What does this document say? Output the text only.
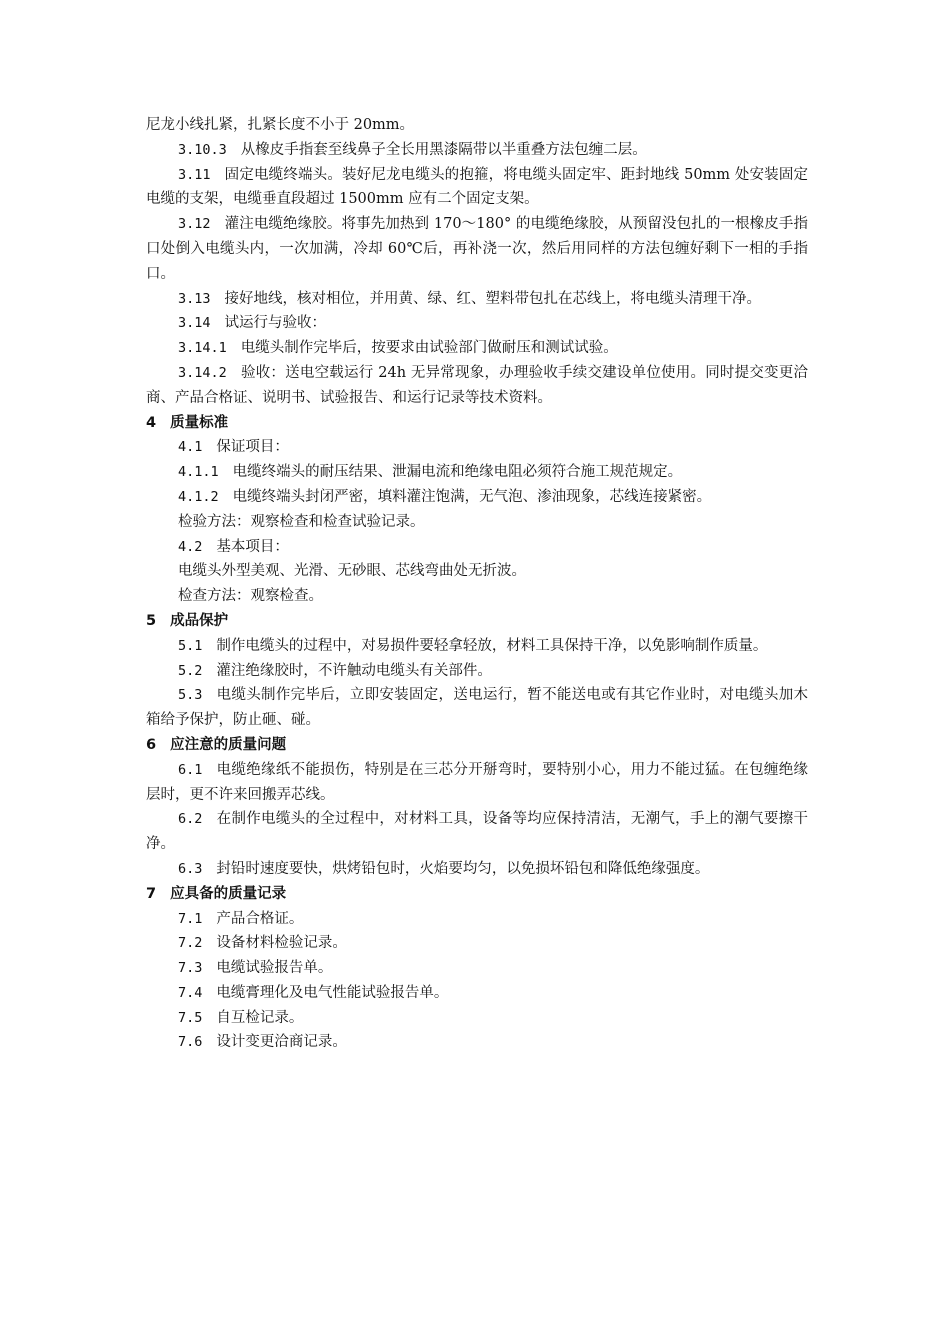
尼龙小线扎紧，扎紧长度不小于 20mm。
3.10.3 从橡皮手指套至线鼻子全长用黑漆隔带以半重叠方法包缠二层。
3.11 固定电缆终端头。装好尼龙电缆头的抱箍，将电缆头固定牢、距封地线 50mm 处安装固定电缆的支架，电缆垂直段超过 1500mm 应有二个固定支架。
3.12 灌注电缆绝缘胶。将事先加热到 170～180° 的电缆绝缘胶，从预留没包扎的一根橡皮手指口处倒入电缆头内，一次加满，冷却 60℃后，再补浇一次，然后用同样的方法包缠好剩下一相的手指口。
3.13 接好地线，核对相位，并用黄、绿、红、塑料带包扎在芯线上，将电缆头清理干净。
3.14 试运行与验收：
3.14.1 电缆头制作完毕后，按要求由试验部门做耐压和测试试验。
3.14.2 验收：送电空载运行 24h 无异常现象，办理验收手续交建设单位使用。同时提交变更洽商、产品合格证、说明书、试验报告、和运行记录等技术资料。
4 质量标准
4.1 保证项目：
4.1.1 电缆终端头的耐压结果、泄漏电流和绝缘电阻必须符合施工规范规定。
4.1.2 电缆终端头封闭严密，填料灌注饱满，无气泡、渗油现象，芯线连接紧密。
检验方法：观察检查和检查试验记录。
4.2 基本项目：
电缆头外型美观、光滑、无砂眼、芯线弯曲处无折波。
检查方法：观察检查。
5 成品保护
5.1 制作电缆头的过程中，对易损件要轻拿轻放，材料工具保持干净，以免影响制作质量。
5.2 灌注绝缘胶时，不许触动电缆头有关部件。
5.3 电缆头制作完毕后，立即安装固定，送电运行，暂不能送电或有其它作业时，对电缆头加木箱给予保护，防止砸、碰。
6 应注意的质量问题
6.1 电缆绝缘纸不能损伤，特别是在三芯分开掰弯时，要特别小心，用力不能过猛。在包缠绝缘层时，更不许来回搬弄芯线。
6.2 在制作电缆头的全过程中，对材料工具，设备等均应保持清洁，无潮气，手上的潮气要擦干净。
6.3 封铅时速度要快，烘烤铅包时，火焰要均匀，以免损坏铅包和降低绝缘强度。
7 应具备的质量记录
7.1 产品合格证。
7.2 设备材料检验记录。
7.3 电缆试验报告单。
7.4 电缆膏理化及电气性能试验报告单。
7.5 自互检记录。
7.6 设计变更洽商记录。
